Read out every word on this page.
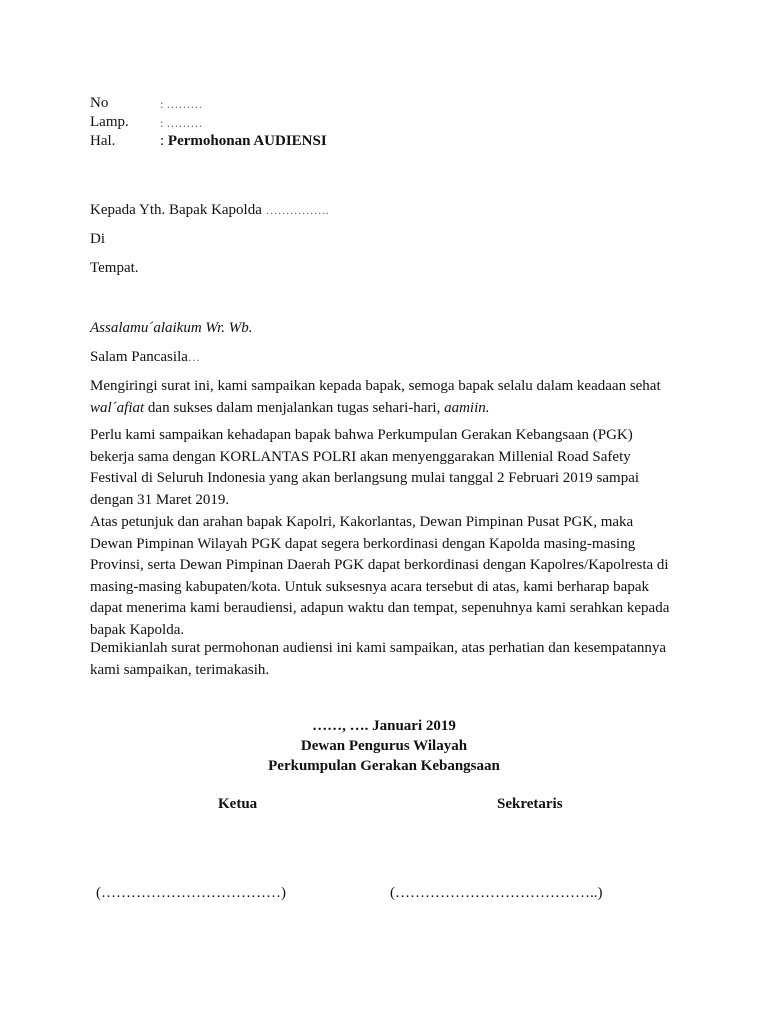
No	: ………
Lamp.	: ………
Hal.	: Permohonan AUDIENSI
Kepada Yth. Bapak Kapolda …………….
Di
Tempat.
Assalamu´alaikum Wr. Wb.
Salam Pancasila…
Mengiringi surat ini, kami sampaikan kepada bapak, semoga bapak selalu dalam keadaan sehat
wal´afiat dan sukses dalam menjalankan tugas sehari-hari, aamiin.
Perlu kami sampaikan kehadapan bapak bahwa Perkumpulan Gerakan Kebangsaan (PGK)
bekerja sama dengan KORLANTAS POLRI akan menyenggarakan Millenial Road Safety
Festival di Seluruh Indonesia yang akan berlangsung mulai tanggal 2 Februari 2019 sampai
dengan 31 Maret 2019.
Atas petunjuk dan arahan bapak Kapolri, Kakorlantas, Dewan Pimpinan Pusat PGK, maka
Dewan Pimpinan Wilayah PGK dapat segera berkordinasi dengan Kapolda masing-masing
Provinsi, serta Dewan Pimpinan Daerah PGK dapat berkordinasi dengan Kapolres/Kapolresta di
masing-masing kabupaten/kota. Untuk suksesnya acara tersebut di atas, kami berharap bapak
dapat menerima kami beraudiensi, adapun waktu dan tempat, sepenuhnya kami serahkan kepada
bapak Kapolda.
Demikianlah surat permohonan audiensi ini kami sampaikan, atas perhatian dan kesempatannya
kami sampaikan, terimakasih.
……, …. Januari 2019
Dewan Pengurus Wilayah
Perkumpulan Gerakan Kebangsaan
Ketua	Sekretaris
(………………………………)	(…………………………………..)
